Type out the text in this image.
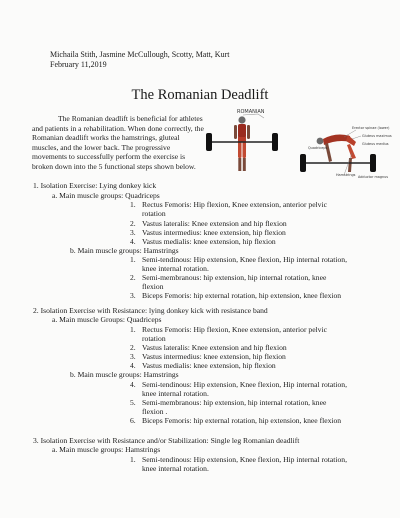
Michaila Stith, Jasmine McCullough, Scotty, Matt, Kurt
February 11,2019
The Romanian Deadlift
The Romanian deadlift is beneficial for athletes and patients in a rehabilitation. When done correctly, the Romanian deadlift works the hamstrings, gluteal muscles, and the lower back. The progressive movements to successfully perform the exercise is broken down into the 5 functional steps shown below.
ROMANIAN
Erector spinae (lower)
Gluteus maximus
Quadriceps
Hamstrings Adductor magnus
Gluteus medius
1. Isolation Exercise: Lying donkey kick
a. Main muscle groups: Quadriceps
1. Rectus Femoris: Hip flexion, Knee extension, anterior pelvic
rotation
2. Vastus lateralis: Knee extension and hip flexion
3. Vastus intermedius: knee extension, hip flexion
4. Vastus medialis: knee extension, hip flexion
b. Main muscle groups: Hamstrings
1. Semi-tendinous: Hip extension, Knee flexion, Hip internal rotation,
knee internal rotation.
2. Semi-membranous: hip extension, hip internal rotation, knee
flexion
3. Biceps Femoris: hip external rotation, hip extension, knee flexion
2. Isolation Exercise with Resistance: lying donkey kick with resistance band
a. Main muscle Groups: Quadriceps
1. Rectus Femoris: Hip flexion, Knee extension, anterior pelvic
rotation
2. Vastus lateralis: Knee extension and hip flexion
3. Vastus intermedius: knee extension, hip flexion
4. Vastus medialis: knee extension, hip flexion
b. Main muscle groups: Hamstrings
4. Semi-tendinous: Hip extension, Knee flexion, Hip internal rotation,
knee internal rotation.
5. Semi-membranous: hip extension, hip internal rotation, knee
flexion .
6. Biceps Femoris: hip external rotation, hip extension, knee flexion
3. Isolation Exercise with Resistance and/or Stabilization: Single leg Romanian deadlift
a. Main muscle groups: Hamstrings
1. Semi-tendinous: Hip extension, Knee flexion, Hip internal rotation,
knee internal rotation.
